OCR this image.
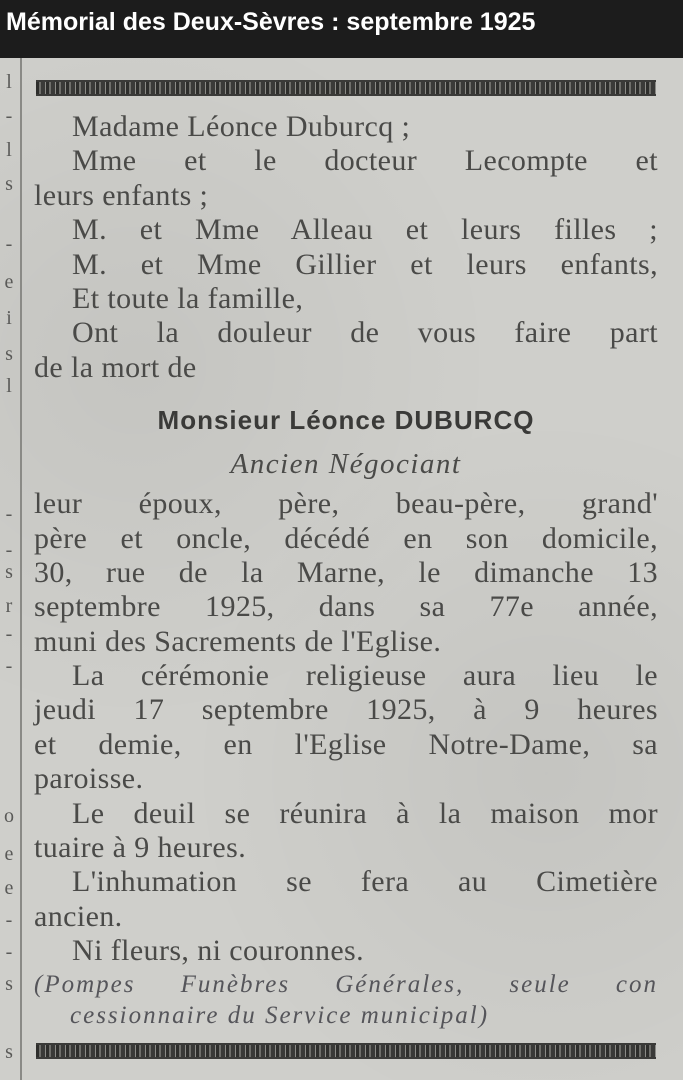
Mémorial des Deux-Sèvres : septembre 1925
l
-
l
s
-
e
i
s
l
-
-
s
r
-
-
o
e
e
-
-
s
s
Madame Léonce Duburcq ;
Mme et le docteur Lecompte et
leurs enfants ;
M. et Mme Alleau et leurs filles ;
M. et Mme Gillier et leurs enfants,
Et toute la famille,
Ont la douleur de vous faire part
de la mort de
Monsieur Léonce DUBURCQ
Ancien Négociant
leur époux, père, beau-père, grand'
père et oncle, décédé en son domicile,
30, rue de la Marne, le dimanche 13
septembre 1925, dans sa 77e année,
muni des Sacrements de l'Eglise.
La cérémonie religieuse aura lieu le
jeudi 17 septembre 1925, à 9 heures
et demie, en l'Eglise Notre-Dame, sa
paroisse.
Le deuil se réunira à la maison mor
tuaire à 9 heures.
L'inhumation se fera au Cimetière
ancien.
Ni fleurs, ni couronnes.
(Pompes Funèbres Générales, seule con
cessionnaire du Service municipal)
